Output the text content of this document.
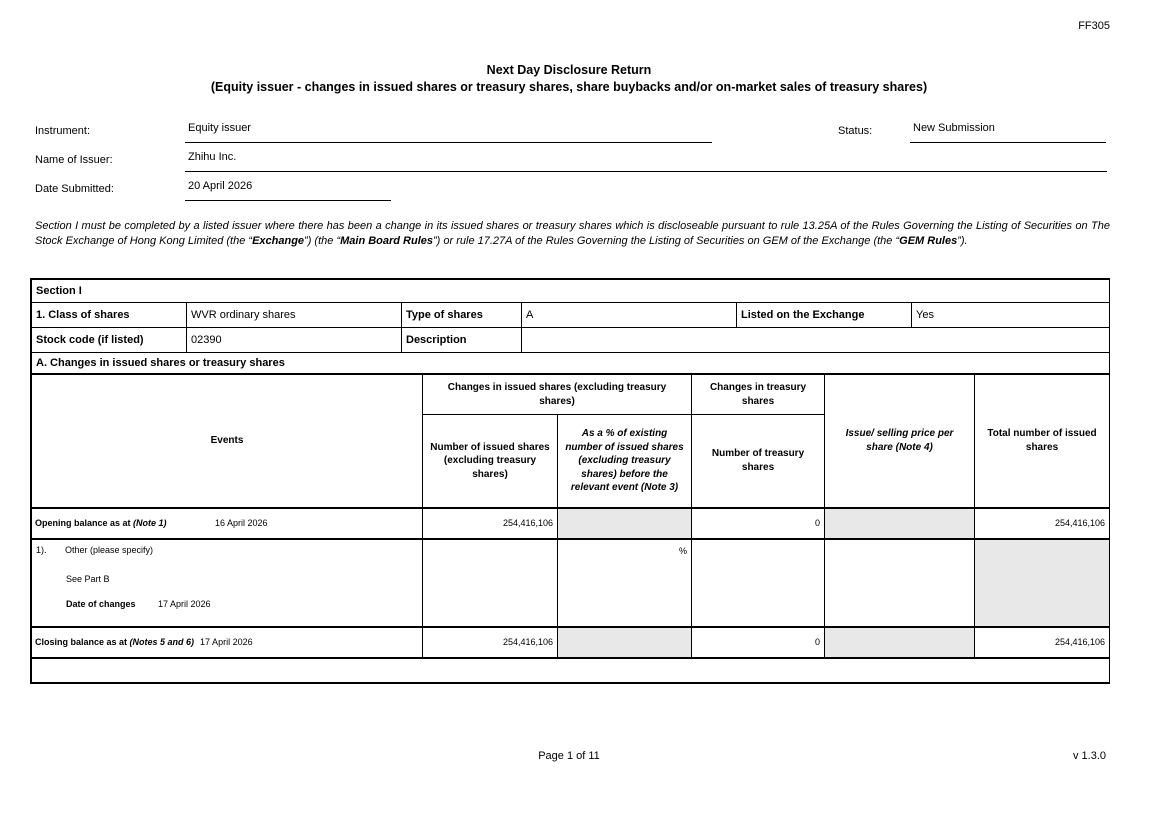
FF305
Next Day Disclosure Return
(Equity issuer - changes in issued shares or treasury shares, share buybacks and/or on-market sales of treasury shares)
Instrument:	Equity issuer	Status:	New Submission
Name of Issuer:	Zhihu Inc.
Date Submitted:	20 April 2026

Section I must be completed by a listed issuer where there has been a change in its issued shares or treasury shares which is discloseable pursuant to rule 13.25A of the Rules Governing the Listing of Securities on The Stock Exchange of Hong Kong Limited (the “Exchange”) (the “Main Board Rules”) or rule 17.27A of the Rules Governing the Listing of Securities on GEM of the Exchange (the “GEM Rules”).

Section I					
1. Class of shares	WVR ordinary shares	Type of shares	A	Listed on the Exchange	Yes
Stock code (if listed)	02390	Description			
A. Changes in issued shares or treasury shares					
Events	Changes in issued shares (excluding treasury shares)		Changes in treasury shares	Issue/ selling price per share (Note 4)	Total number of issued shares
	Number of issued shares (excluding treasury shares)	As a % of existing number of issued shares (excluding treasury shares) before the relevant event (Note 3)	Number of treasury shares		
Opening balance as at (Note 1) 16 April 2026	254,416,106		0		254,416,106

1). Other (please specify)
See Part B
Date of changes 17 April 2026		%			
Closing balance as at (Notes 5 and 6) 17 April 2026	254,416,106		0		254,416,106

Page 1 of 11	v 1.3.0
